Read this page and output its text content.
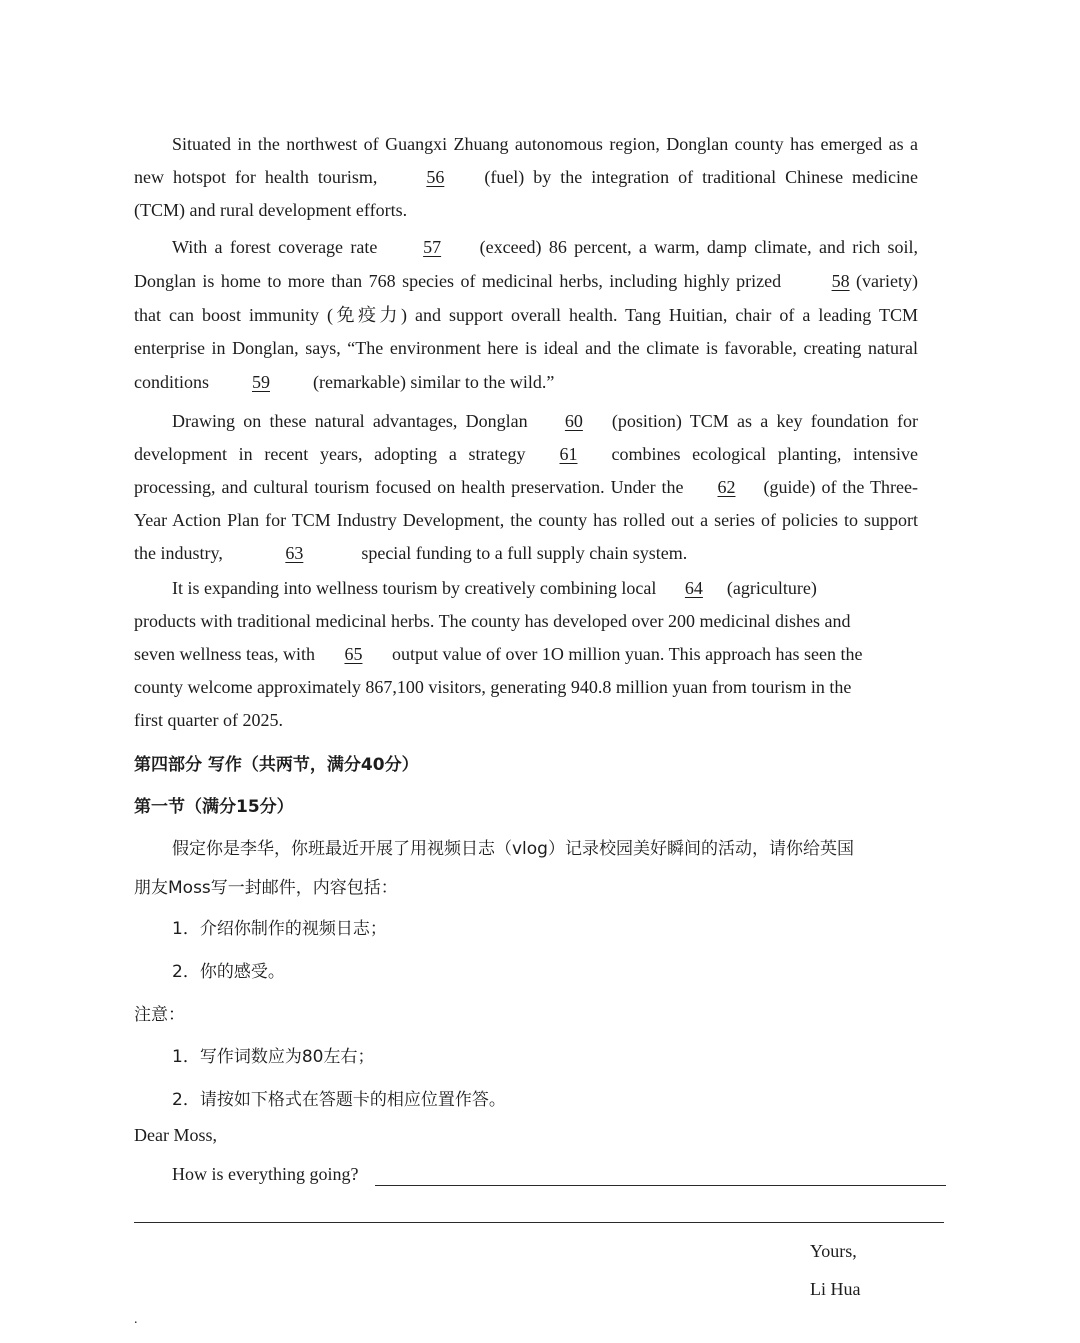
Situated in the northwest of Guangxi Zhuang autonomous region, Donglan county has emerged as a new hotspot for health tourism, 56 (fuel) by the integration of traditional Chinese medicine (TCM) and rural development efforts.
With a forest coverage rate 57 (exceed) 86 percent, a warm, damp climate, and rich soil, Donglan is home to more than 768 species of medicinal herbs, including highly prized 58 (variety) that can boost immunity (免疫力) and support overall health. Tang Huitian, chair of a leading TCM enterprise in Donglan, says, “The environment here is ideal and the climate is favorable, creating natural conditions 59 (remarkable) similar to the wild.”
Drawing on these natural advantages, Donglan 60 (position) TCM as a key foundation for development in recent years, adopting a strategy 61 combines ecological planting, intensive processing, and cultural tourism focused on health preservation. Under the 62 (guide) of the Three-Year Action Plan for TCM Industry Development, the county has rolled out a series of policies to support the industry,	63	special funding to a full supply chain system.
It is expanding into wellness tourism by creatively combining local 64 (agriculture)
products with traditional medicinal herbs. The county has developed over 200 medicinal dishes and
seven wellness teas, with 65 output value of over 1O million yuan. This approach has seen the
county welcome approximately 867,100 visitors, generating 940.8 million yuan from tourism in the
first quarter of 2025.
第四部分 写作（共两节，满分40分）
第一节（满分15分）
假定你是李华，你班最近开展了用视频日志（vlog）记录校园美好瞬间的活动，请你给英国
朋友Moss写一封邮件，内容包括：
1．介绍你制作的视频日志；
2．你的感受。
注意：
1．写作词数应为80左右；
2．请按如下格式在答题卡的相应位置作答。
Dear Moss,
How is everything going?
Yours,
Li Hua
.
